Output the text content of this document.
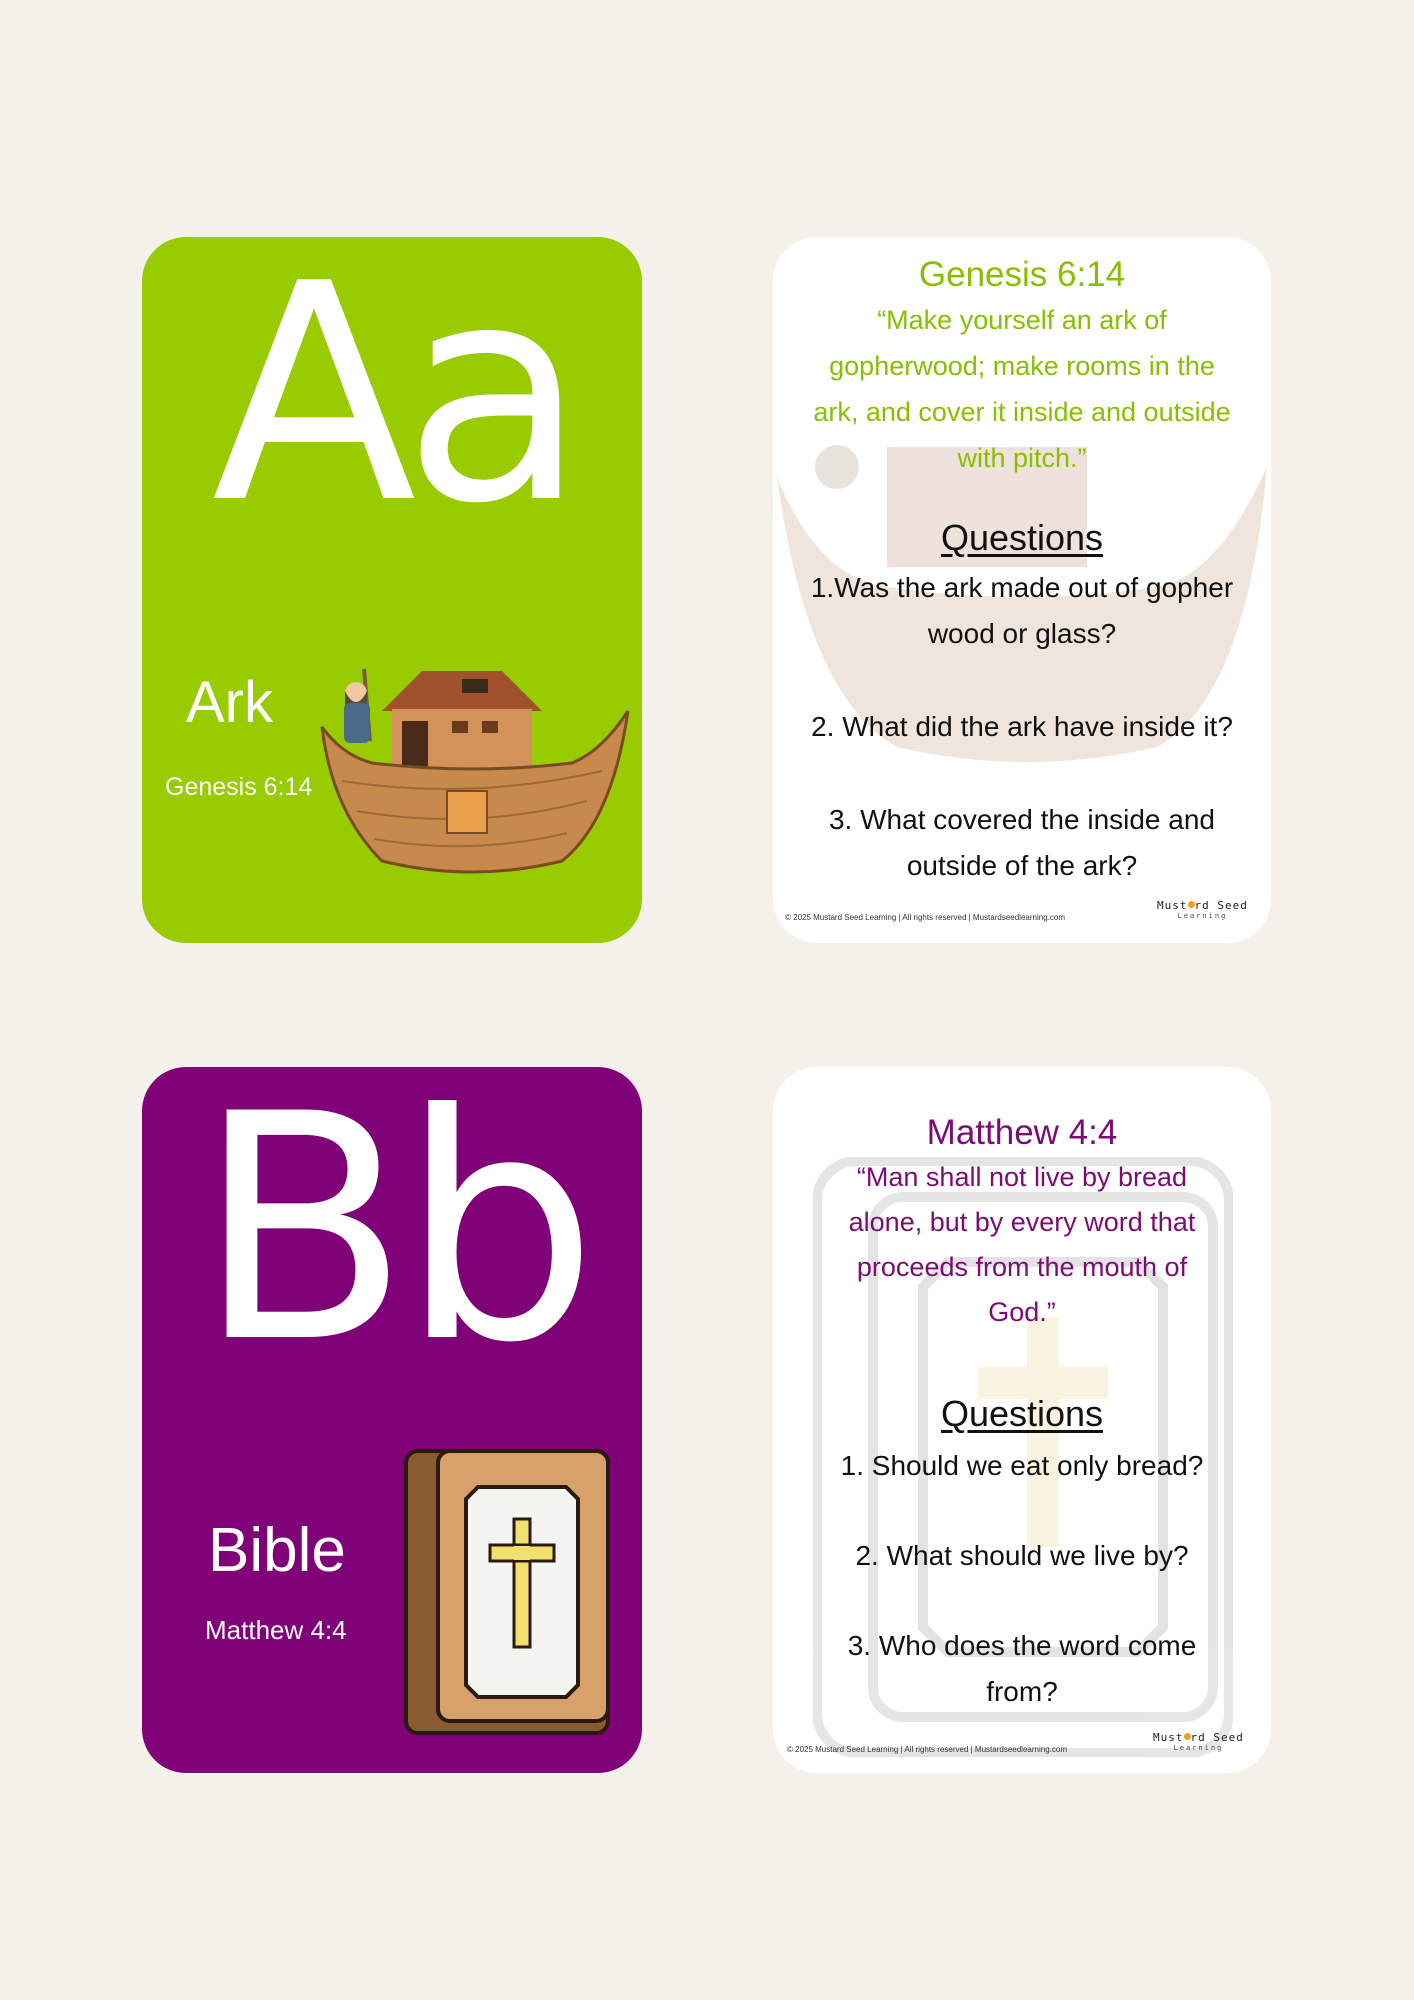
Aa
Ark
Genesis 6:14

Genesis 6:14

“Make yourself an ark of gopherwood; make rooms in the ark, and cover it inside and outside with pitch.”

Questions

1.Was the ark made out of gopher wood or glass?
2. What did the ark have inside it?
3. What covered the inside and outside of the ark?
© 2025 Mustard Seed Learning | All rights reserved | Mustardseedlearning.com
Must rd Seed
Learning
Bb
Bible
Matthew 4:4

Matthew 4:4

“Man shall not live by bread alone, but by every word that proceeds from the mouth of God.”

Questions

1. Should we eat only bread?
2. What should we live by?
3. Who does the word come from?
© 2025 Mustard Seed Learning | All rights reserved | Mustardseedlearning.com
Must rd Seed
Learning
